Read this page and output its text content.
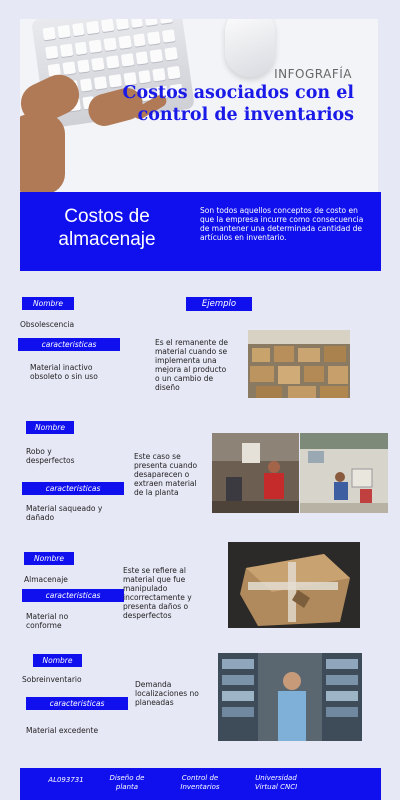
INFOGRAFÍA
Costos asociados con el control de inventarios
Costos de almacenaje
Son todos aquellos conceptos de costo en que la empresa incurre como consecuencia de mantener una determinada cantidad de artículos en inventario.
Nombre	Ejemplo
Obsolescencia
caracteristicas
Material inactivo obsoleto o sin uso
Es el remanente de material cuando se implementa una mejora al producto o un cambio de diseño
Nombre
Robo y desperfectos
caracteristicas
Material saqueado y dañado
Este caso se presenta cuando desaparecen o extraen material de la planta
Nombre
Almacenaje
caracteristicas
Material no conforme
Este se refiere al material que fue manipulado incorrectamente y presenta daños o desperfectos
Nombre
Sobreinventario
caracteristicas
Material excedente
Demanda localizaciones no planeadas
AL093731	Diseño de planta
Control de Inventarios
Universidad Virtual CNCI
